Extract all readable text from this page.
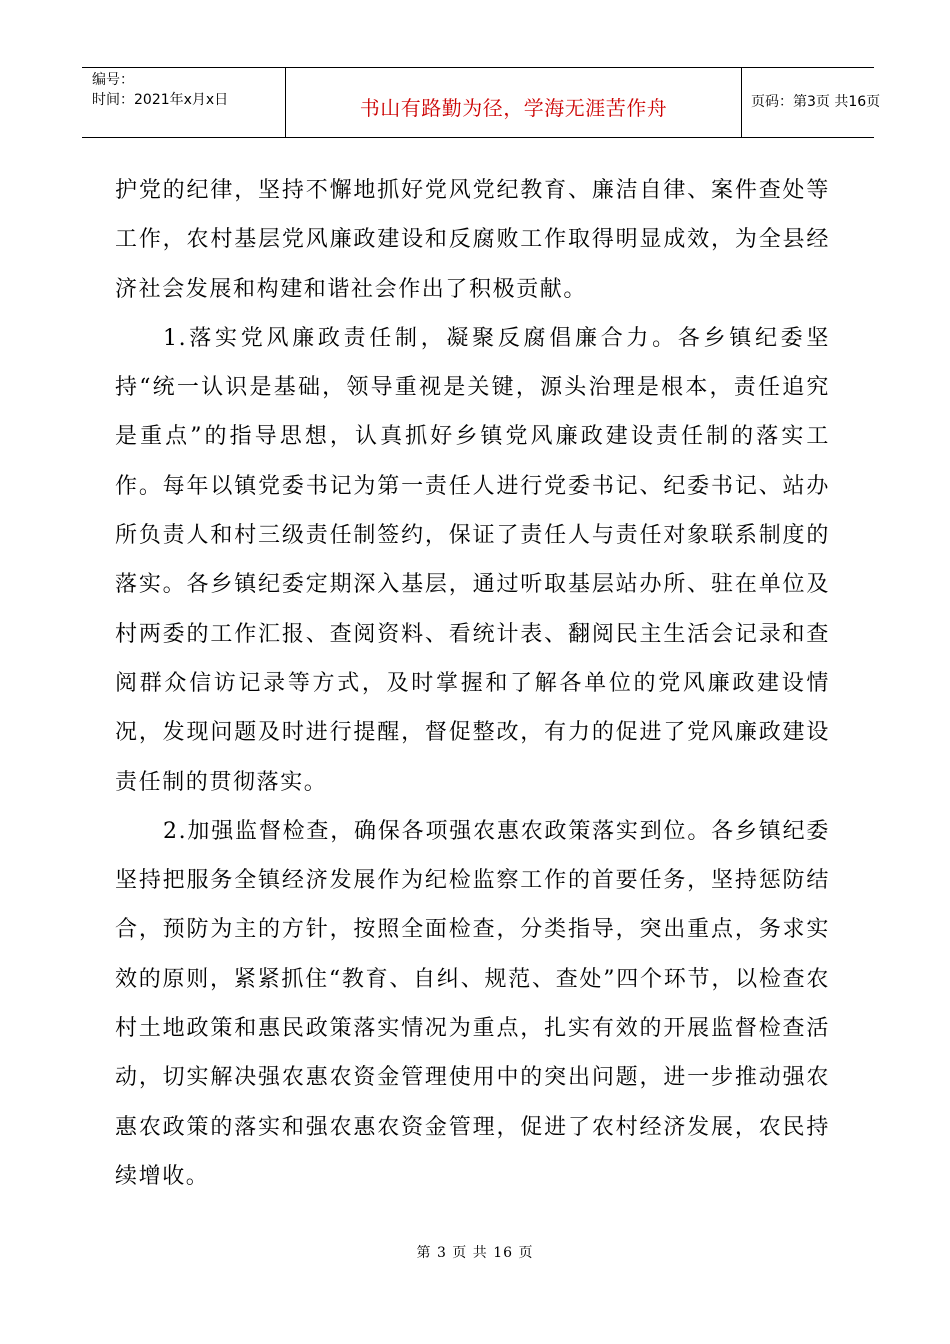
编号：
时间：2021年x月x日	书山有路勤为径，学海无涯苦作舟	页码：第3页 共16页

护党的纪律，坚持不懈地抓好党风党纪教育、廉洁自律、案件查处等工作，农村基层党风廉政建设和反腐败工作取得明显成效，为全县经济社会发展和构建和谐社会作出了积极贡献。

1.落实党风廉政责任制，凝聚反腐倡廉合力。各乡镇纪委坚持“统一认识是基础，领导重视是关键，源头治理是根本，责任追究是重点”的指导思想，认真抓好乡镇党风廉政建设责任制的落实工作。每年以镇党委书记为第一责任人进行党委书记、纪委书记、站办所负责人和村三级责任制签约，保证了责任人与责任对象联系制度的落实。各乡镇纪委定期深入基层，通过听取基层站办所、驻在单位及村两委的工作汇报、查阅资料、看统计表、翻阅民主生活会记录和查阅群众信访记录等方式，及时掌握和了解各单位的党风廉政建设情况，发现问题及时进行提醒，督促整改，有力的促进了党风廉政建设责任制的贯彻落实。

2.加强监督检查，确保各项强农惠农政策落实到位。各乡镇纪委坚持把服务全镇经济发展作为纪检监察工作的首要任务，坚持惩防结合，预防为主的方针，按照全面检查，分类指导，突出重点，务求实效的原则，紧紧抓住“教育、自纠、规范、查处”四个环节，以检查农村土地政策和惠民政策落实情况为重点，扎实有效的开展监督检查活动，切实解决强农惠农资金管理使用中的突出问题，进一步推动强农惠农政策的落实和强农惠农资金管理，促进了农村经济发展，农民持续增收。

第 3 页 共 16 页
